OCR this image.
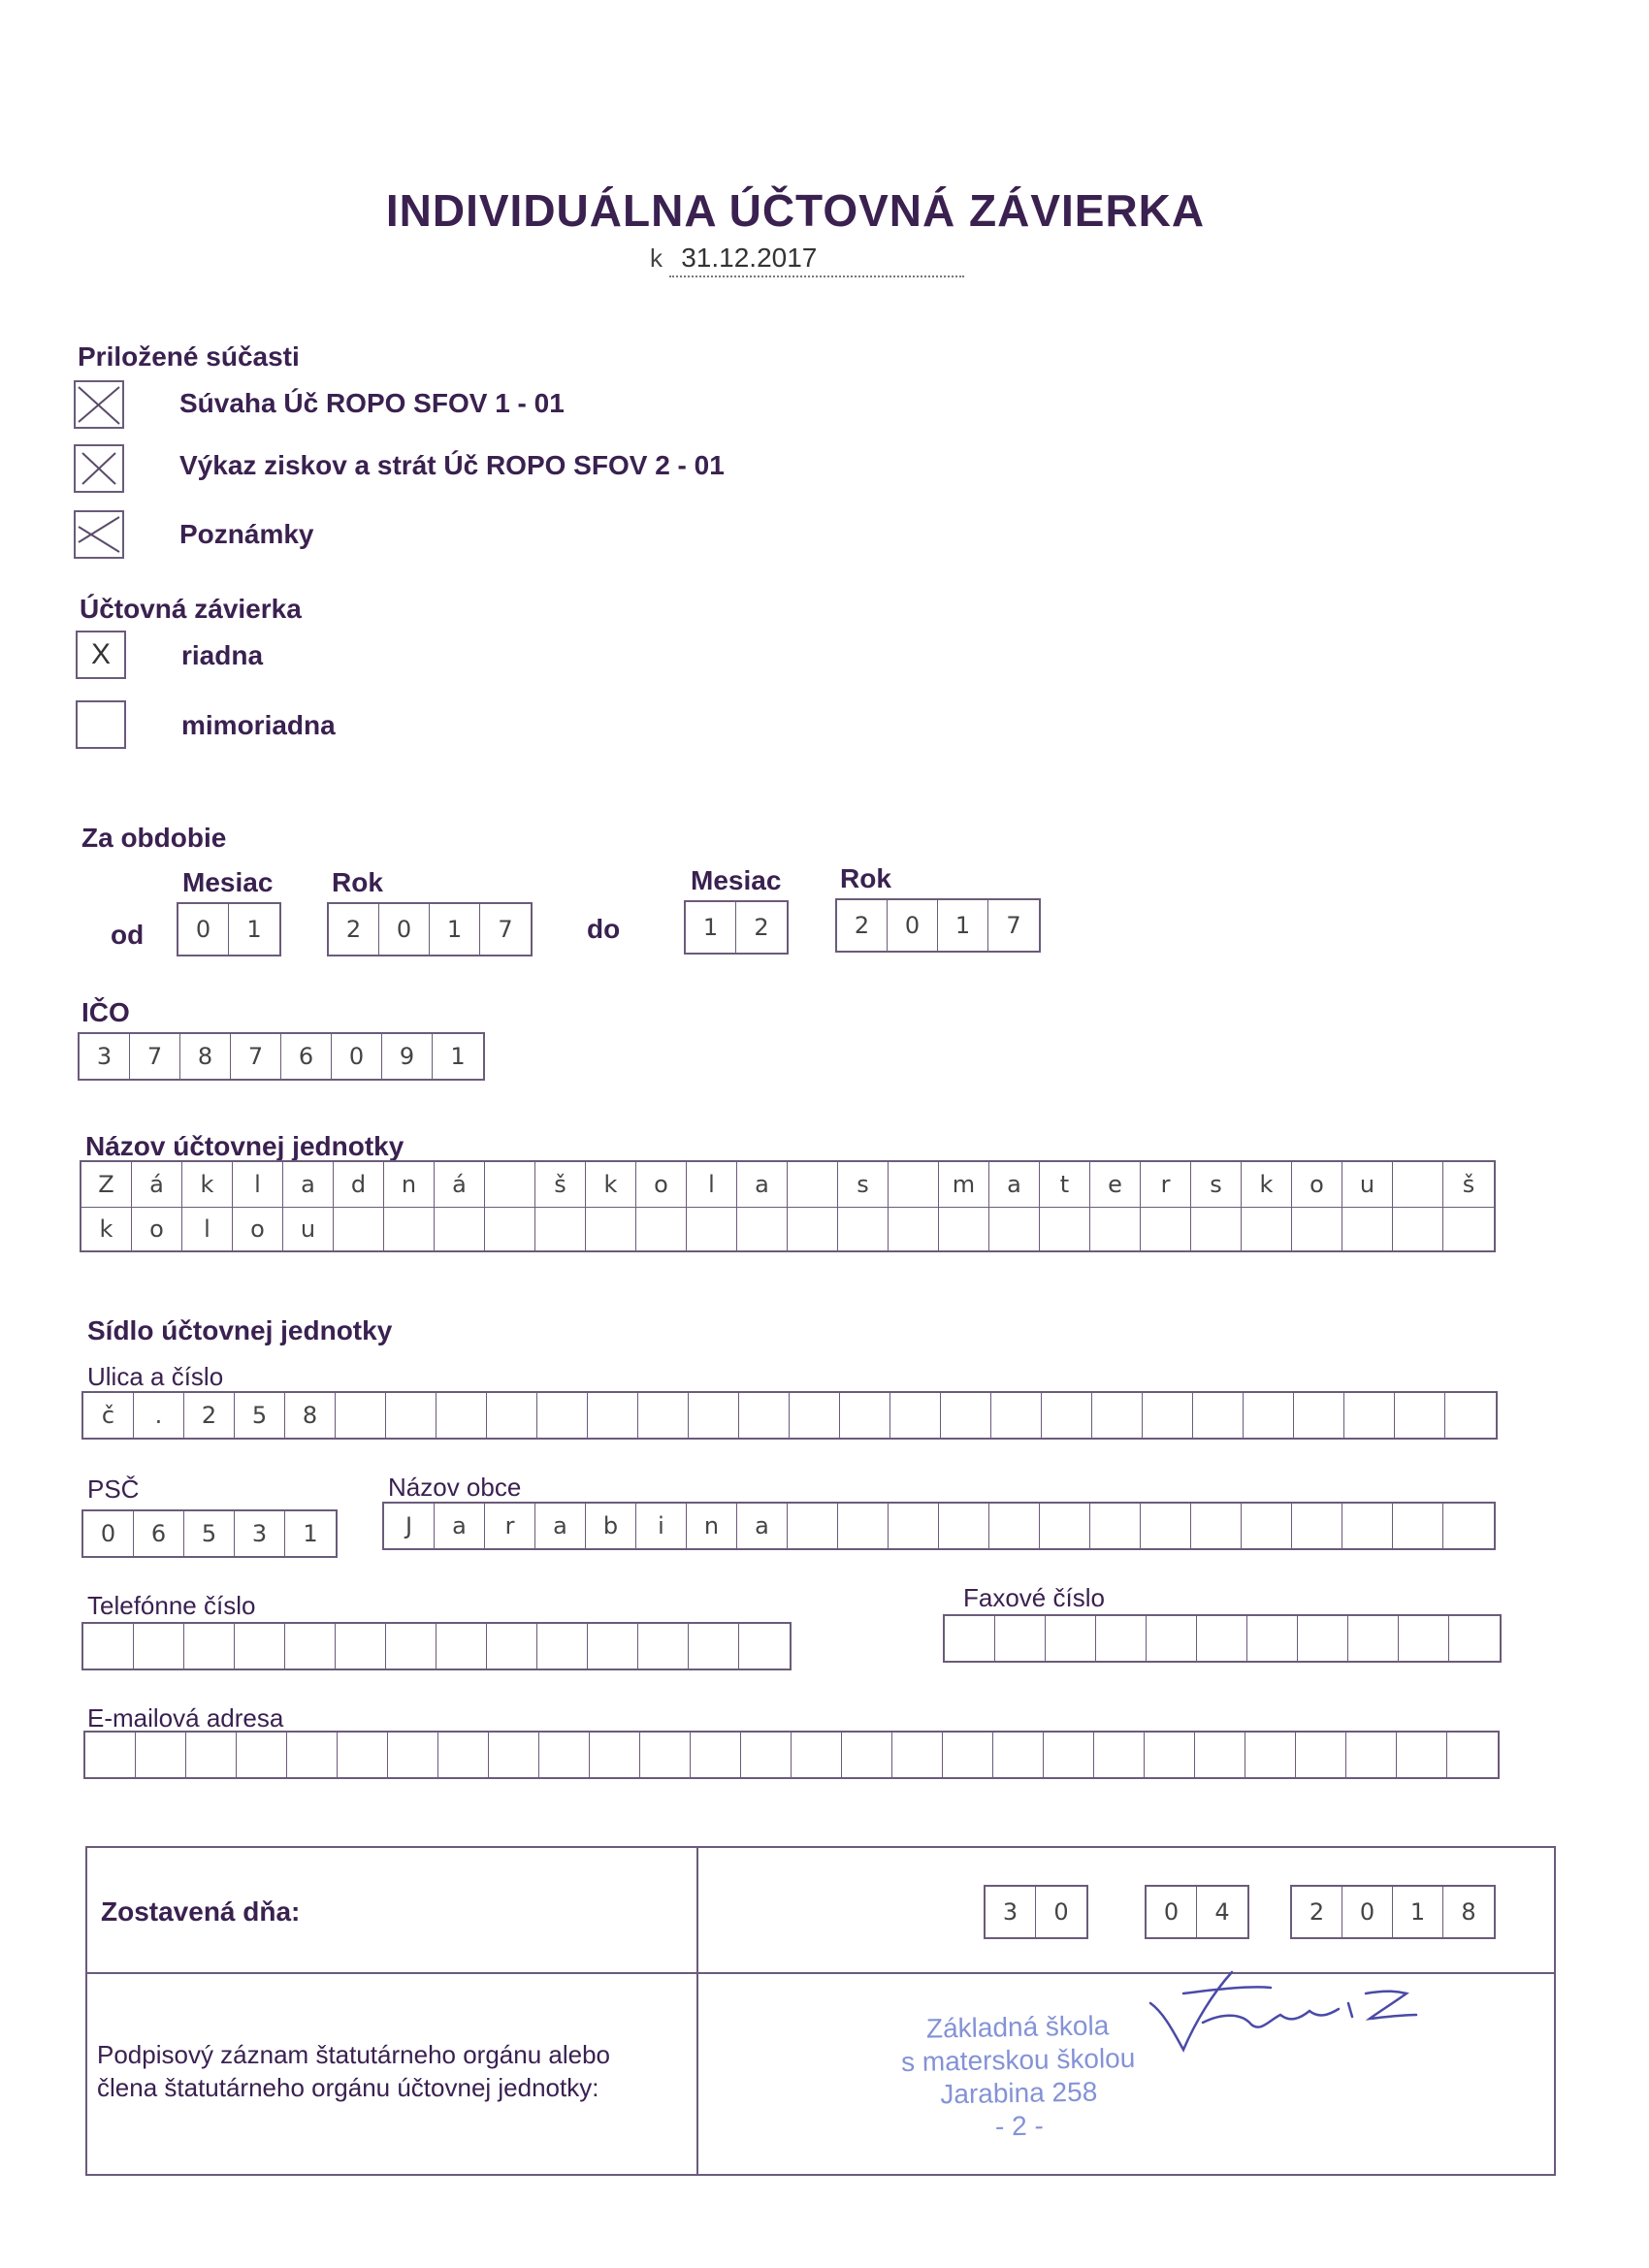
INDIVIDUÁLNA ÚČTOVNÁ ZÁVIERKA
k 31.12.2017
Priložené súčasti
Súvaha Úč ROPO SFOV 1 - 01
Výkaz ziskov a strát Úč ROPO SFOV 2 - 01
Poznámky
Účtovná závierka
X	riadna
mimoriadna
Za obdobie
Mesiac Rok	Mesiac Rok
od	do
0	1	2	0	1	7	1	2	2	0	1	7
IČO
3	7	8	7	6	0	9	1
Názov účtovnej jednotky
Z	á	k	l	a	d	n	á	š	k	o	l	a	s	m	a	t	e	r	s	k	o	u	š
k	o	l	o	u
Sídlo účtovnej jednotky
Ulica a číslo
č	.	2	5	8
PSČ	Názov obce
0	6	5	3	1	J	a	r	a	b	i	n	a
Telefónne číslo	Faxové číslo
E-mailová adresa
Zostavená dňa:	3	0	0	4	2	0	1	8
Podpisový záznam štatutárneho orgánu alebo
člena štatutárneho orgánu účtovnej jednotky:
Základná škola
s materskou školou
Jarabina 258
- 2 -
